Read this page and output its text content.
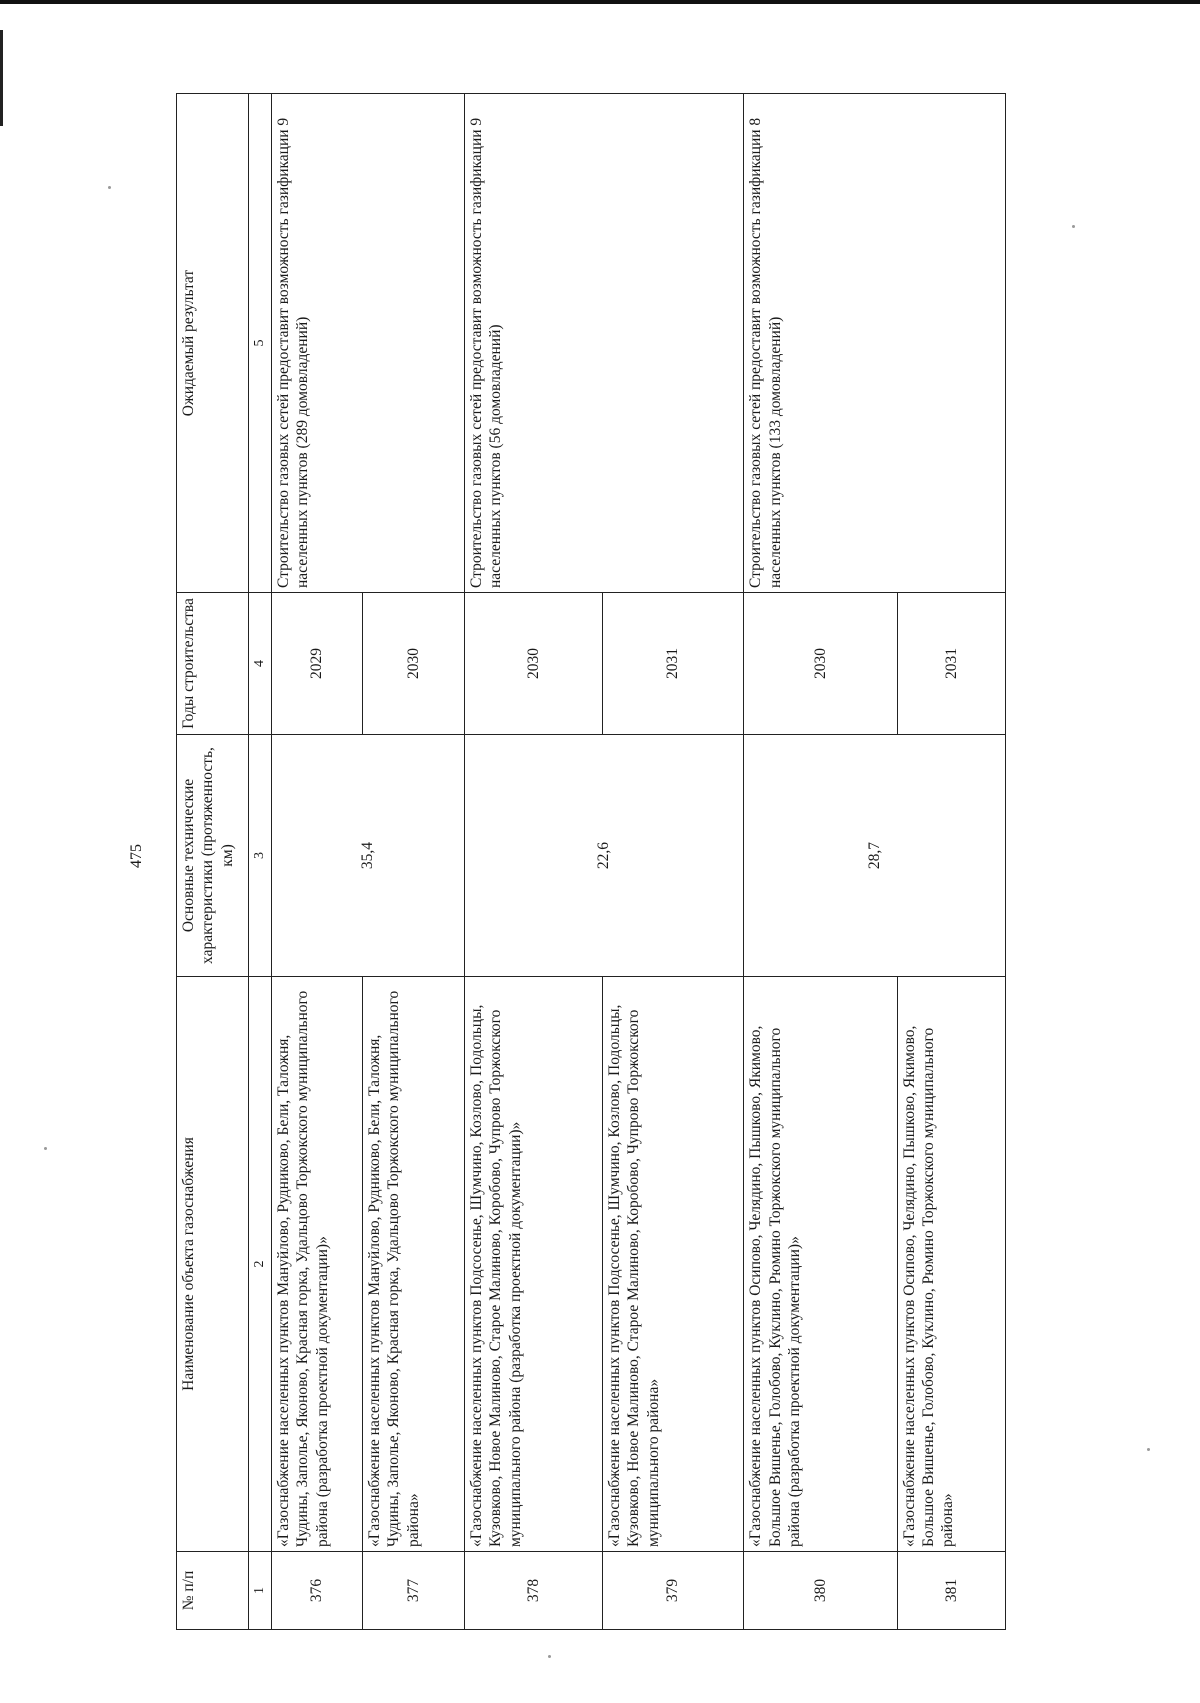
475
№ п/п	Наименование объекта газоснабжения	Основные технические характеристики (протяженность, км)	Годы строительства	Ожидаемый результат
1	2	3	4	5
376	«Газоснабжение населенных пунктов Мануйлово, Рудниково, Бели, Таложня, Чудины, Заполье, Яконово, Красная горка, Удальцово Торжокского муниципального района (разработка проектной документации)»	35,4	2029	Строительство газовых сетей предоставит возможность газификации 9 населенных пунктов (289 домовладений)
377	«Газоснабжение населенных пунктов Мануйлово, Рудниково, Бели, Таложня, Чудины, Заполье, Яконово, Красная горка, Удальцово Торжокского муниципального района»		2030	
378	«Газоснабжение населенных пунктов Подсосенье, Шумчино, Козлово, Подольцы, Кузовково, Новое Малиново, Старое Малиново, Коробово, Чупрово Торжокского муниципального района (разработка проектной документации)»	22,6	2030	Строительство газовых сетей предоставит возможность газификации 9 населенных пунктов (56 домовладений)
379	«Газоснабжение населенных пунктов Подсосенье, Шумчино, Козлово, Подольцы, Кузовково, Новое Малиново, Старое Малиново, Коробово, Чупрово Торжокского муниципального района»		2031	
380	«Газоснабжение населенных пунктов Осипово, Челядино, Пышково, Якимово, Большое Вишенье, Голобово, Куклино, Рюмино Торжокского муниципального района (разработка проектной документации)»	28,7	2030	Строительство газовых сетей предоставит возможность газификации 8 населенных пунктов (133 домовладений)
381	«Газоснабжение населенных пунктов Осипово, Челядино, Пышково, Якимово, Большое Вишенье, Голобово, Куклино, Рюмино Торжокского муниципального района»		2031	
